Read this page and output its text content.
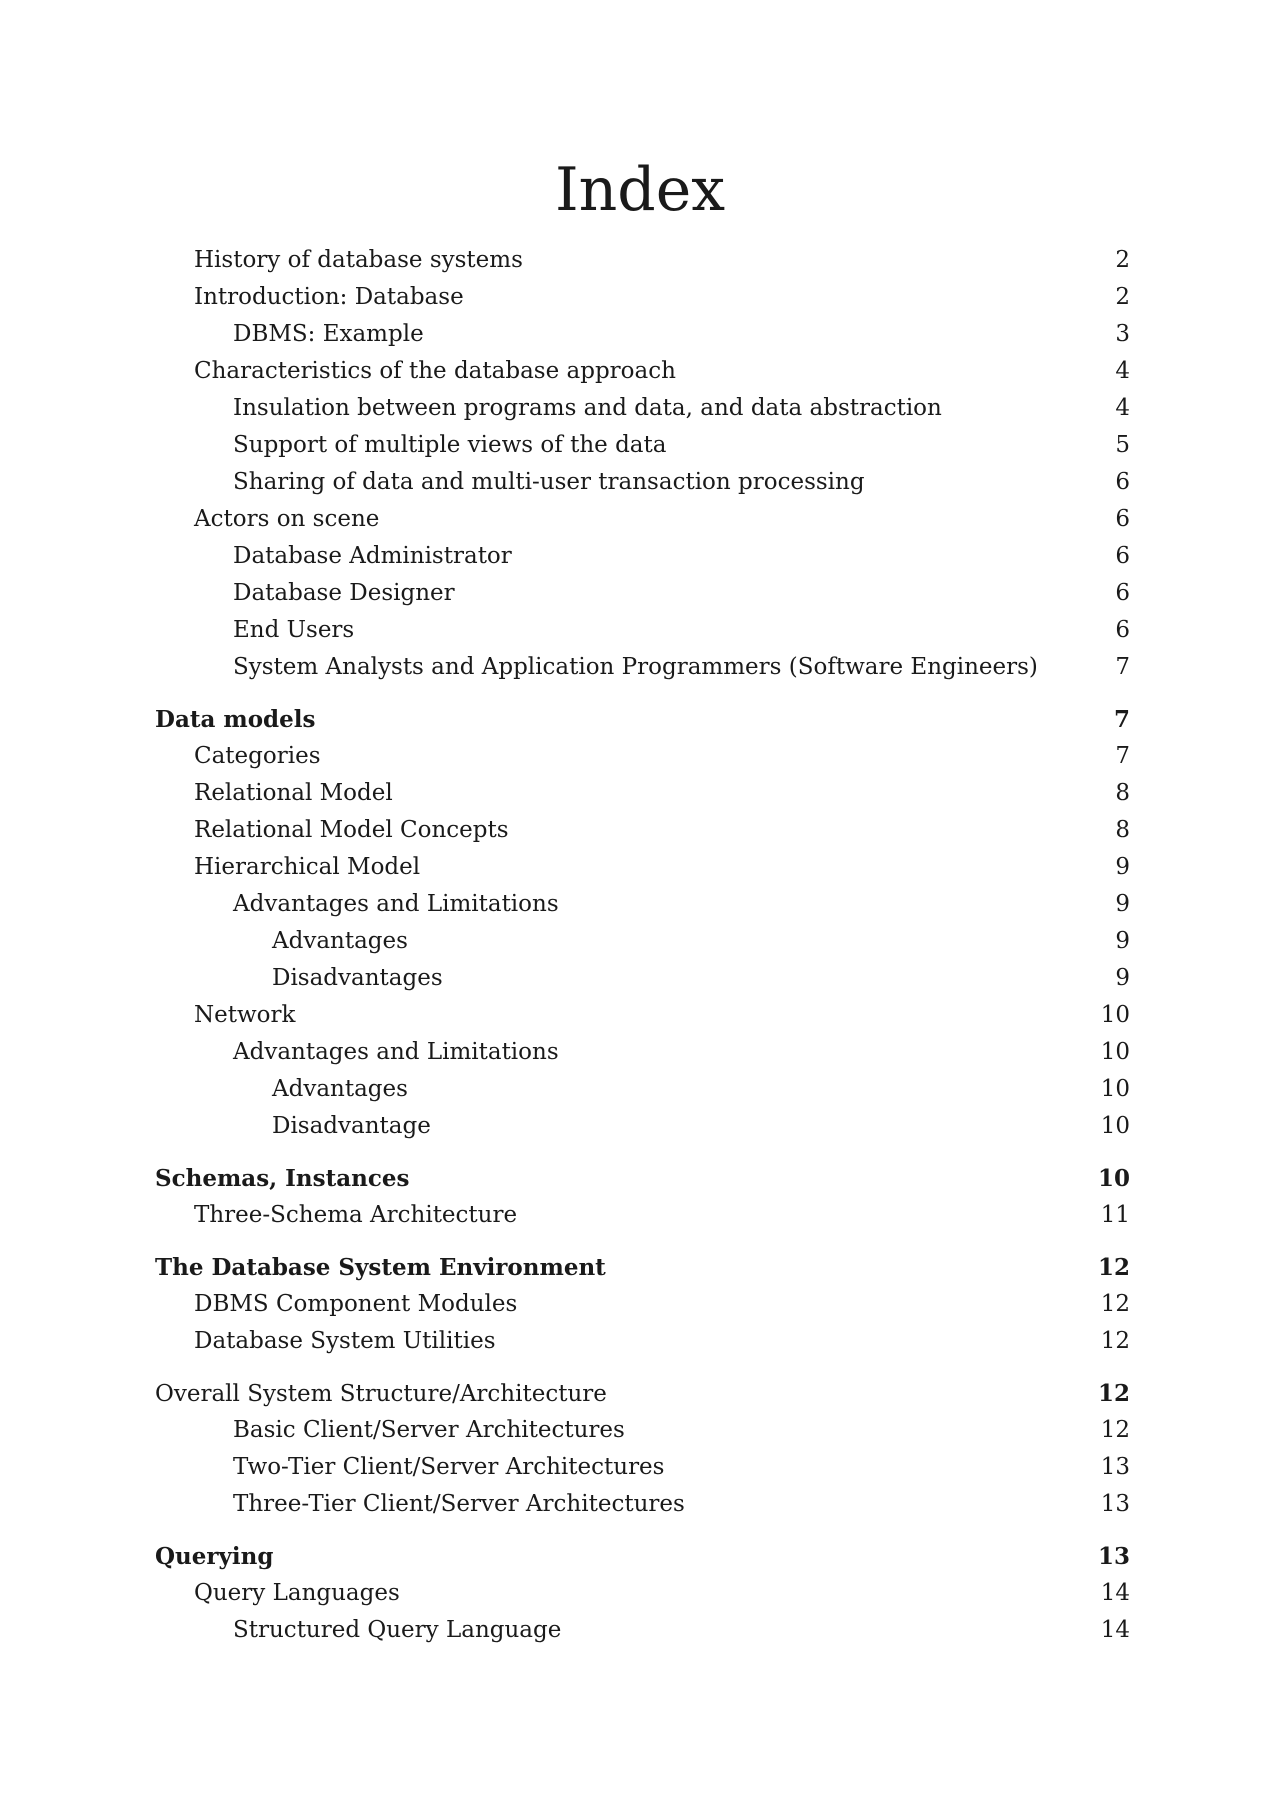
Index
History of database systems	2
Introduction: Database	2
DBMS: Example	3
Characteristics of the database approach	4
Insulation between programs and data, and data abstraction	4
Support of multiple views of the data	5
Sharing of data and multi-user transaction processing	6
Actors on scene	6
Database Administrator	6
Database Designer	6
End Users	6
System Analysts and Application Programmers (Software Engineers)	7
Data models	7
Categories	7
Relational Model	8
Relational Model Concepts	8
Hierarchical Model	9
Advantages and Limitations	9
Advantages	9
Disadvantages	9
Network	10
Advantages and Limitations	10
Advantages	10
Disadvantage	10
Schemas, Instances	10
Three-Schema Architecture	11
The Database System Environment	12
DBMS Component Modules	12
Database System Utilities	12
Overall System Structure/Architecture	12
Basic Client/Server Architectures	12
Two-Tier Client/Server Architectures	13
Three-Tier Client/Server Architectures	13
Querying	13
Query Languages	14
Structured Query Language	14
